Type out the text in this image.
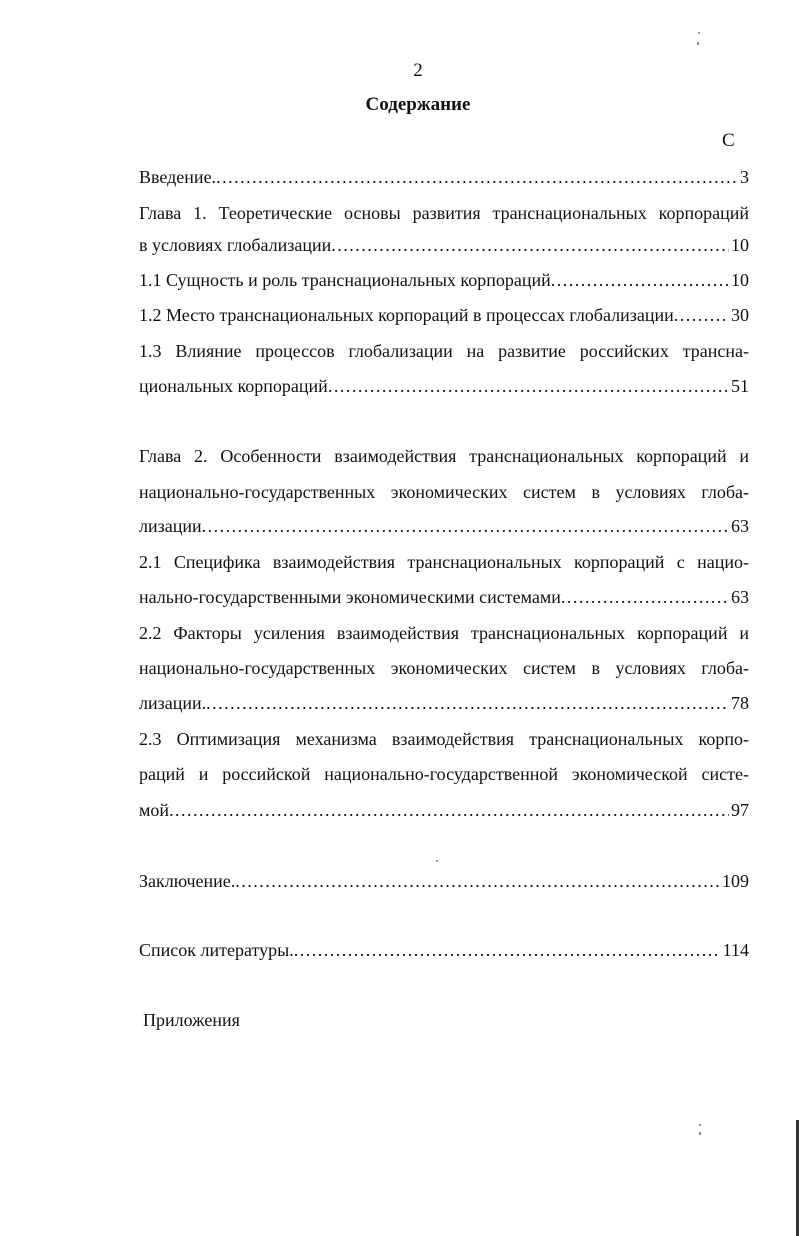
2
Содержание
С
Введение. .....	3
Глава 1. Теоретические основы развития транснациональных корпораций
в условиях глобализации .....	10
1.1 Сущность и роль транснациональных корпораций .....	10
1.2 Место транснациональных корпораций в процессах глобализации .....	30
1.3 Влияние процессов глобализации на развитие российских трансна-
циональных корпораций .....	51
Глава 2. Особенности взаимодействия транснациональных корпораций и
национально-государственных экономических систем в условиях глоба-
лизации .....	63
2.1 Специфика взаимодействия транснациональных корпораций с нацио-
нально-государственными экономическими системами .....	63
2.2 Факторы усиления взаимодействия транснациональных корпораций и
национально-государственных экономических систем в условиях глоба-
лизации. .....	78
2.3 Оптимизация механизма взаимодействия транснациональных корпо-
раций и российской национально-государственной экономической систе-
мой .....	97
Заключение. .....	109
Список литературы. .....	114
Приложения
